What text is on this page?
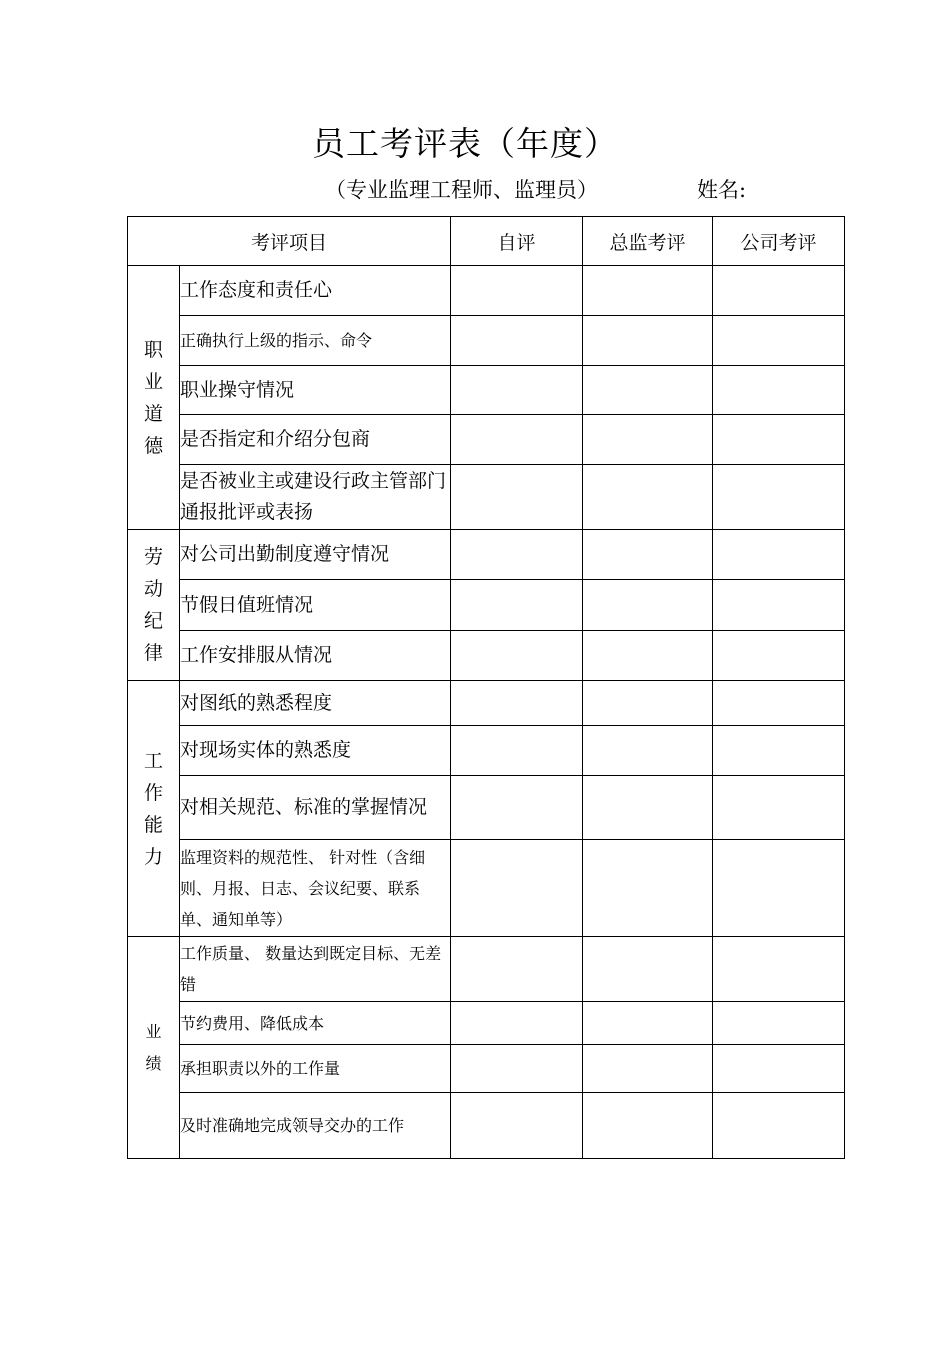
员工考评表（年度）
（专业监理工程师、监理员）	姓名:
考评项目		自评	总监考评	公司考评
职业道德	工作态度和责任心			
	正确执行上级的指示、命令			
	职业操守情况			
	是否指定和介绍分包商			
	是否被业主或建设行政主管部门通报批评或表扬			
劳动纪律	对公司出勤制度遵守情况			
	节假日值班情况			
	工作安排服从情况			
工作能力	对图纸的熟悉程度			
	对现场实体的熟悉度			
	对相关规范、标准的掌握情况			
	监理资料的规范性、 针对性（含细则、月报、日志、会议纪要、联系单、通知单等）			
业绩	工作质量、 数量达到既定目标、无差错			
	节约费用、降低成本			
	承担职责以外的工作量			
	及时准确地完成领导交办的工作			
